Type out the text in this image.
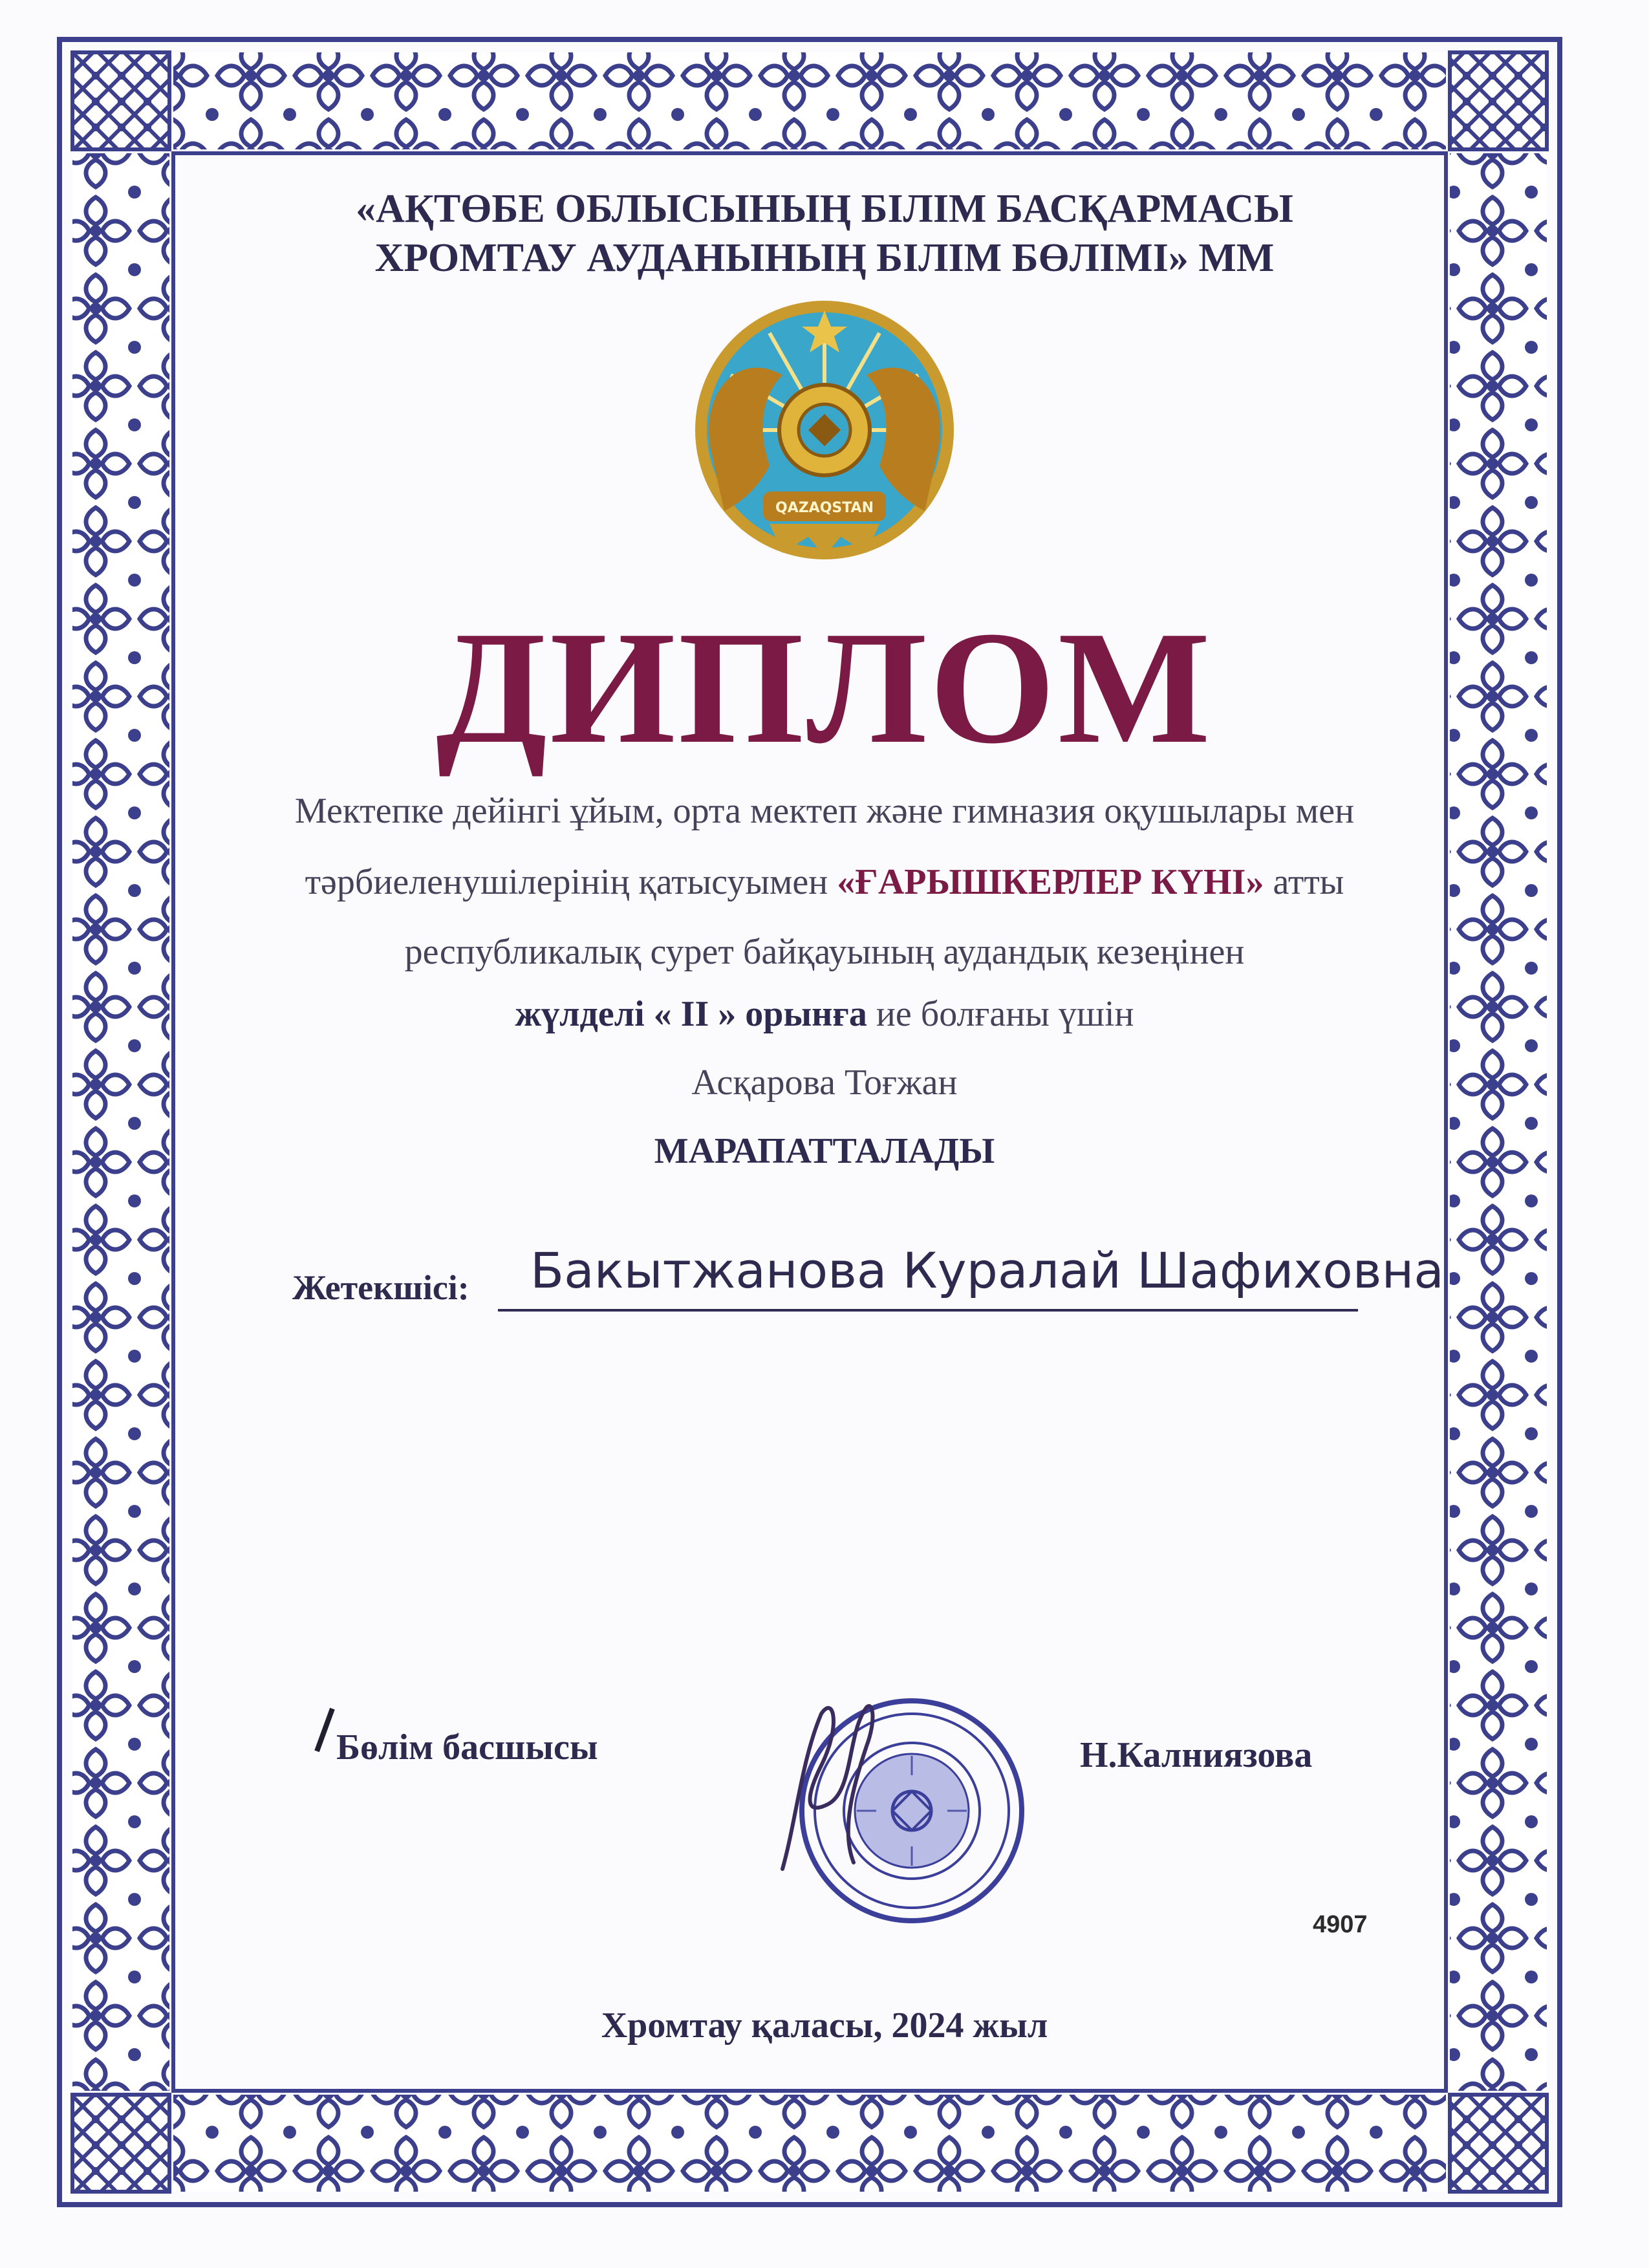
«АҚТӨБЕ ОБЛЫСЫНЫҢ БІЛІМ БАСҚАРМАСЫ
ХРОМТАУ АУДАНЫНЫҢ БІЛІМ БӨЛІМІ» ММ
QAZAQSTAN
ДИПЛОМ
Мектепке дейінгі ұйым, орта мектеп және гимназия оқушылары мен
тәрбиеленушілерінің қатысуымен «ҒАРЫШКЕРЛЕР КҮНІ» атты
республикалық сурет байқауының аудандық кезеңінен
жүлделі « II » орынға ие болғаны үшін
Асқарова Тоғжан
МАРАПАТТАЛАДЫ
Жетекшісі: Бакытжанова Куралай Шафиховна
Бөлім басшысы	Н.Калниязова
4907
Хромтау қаласы, 2024 жыл
